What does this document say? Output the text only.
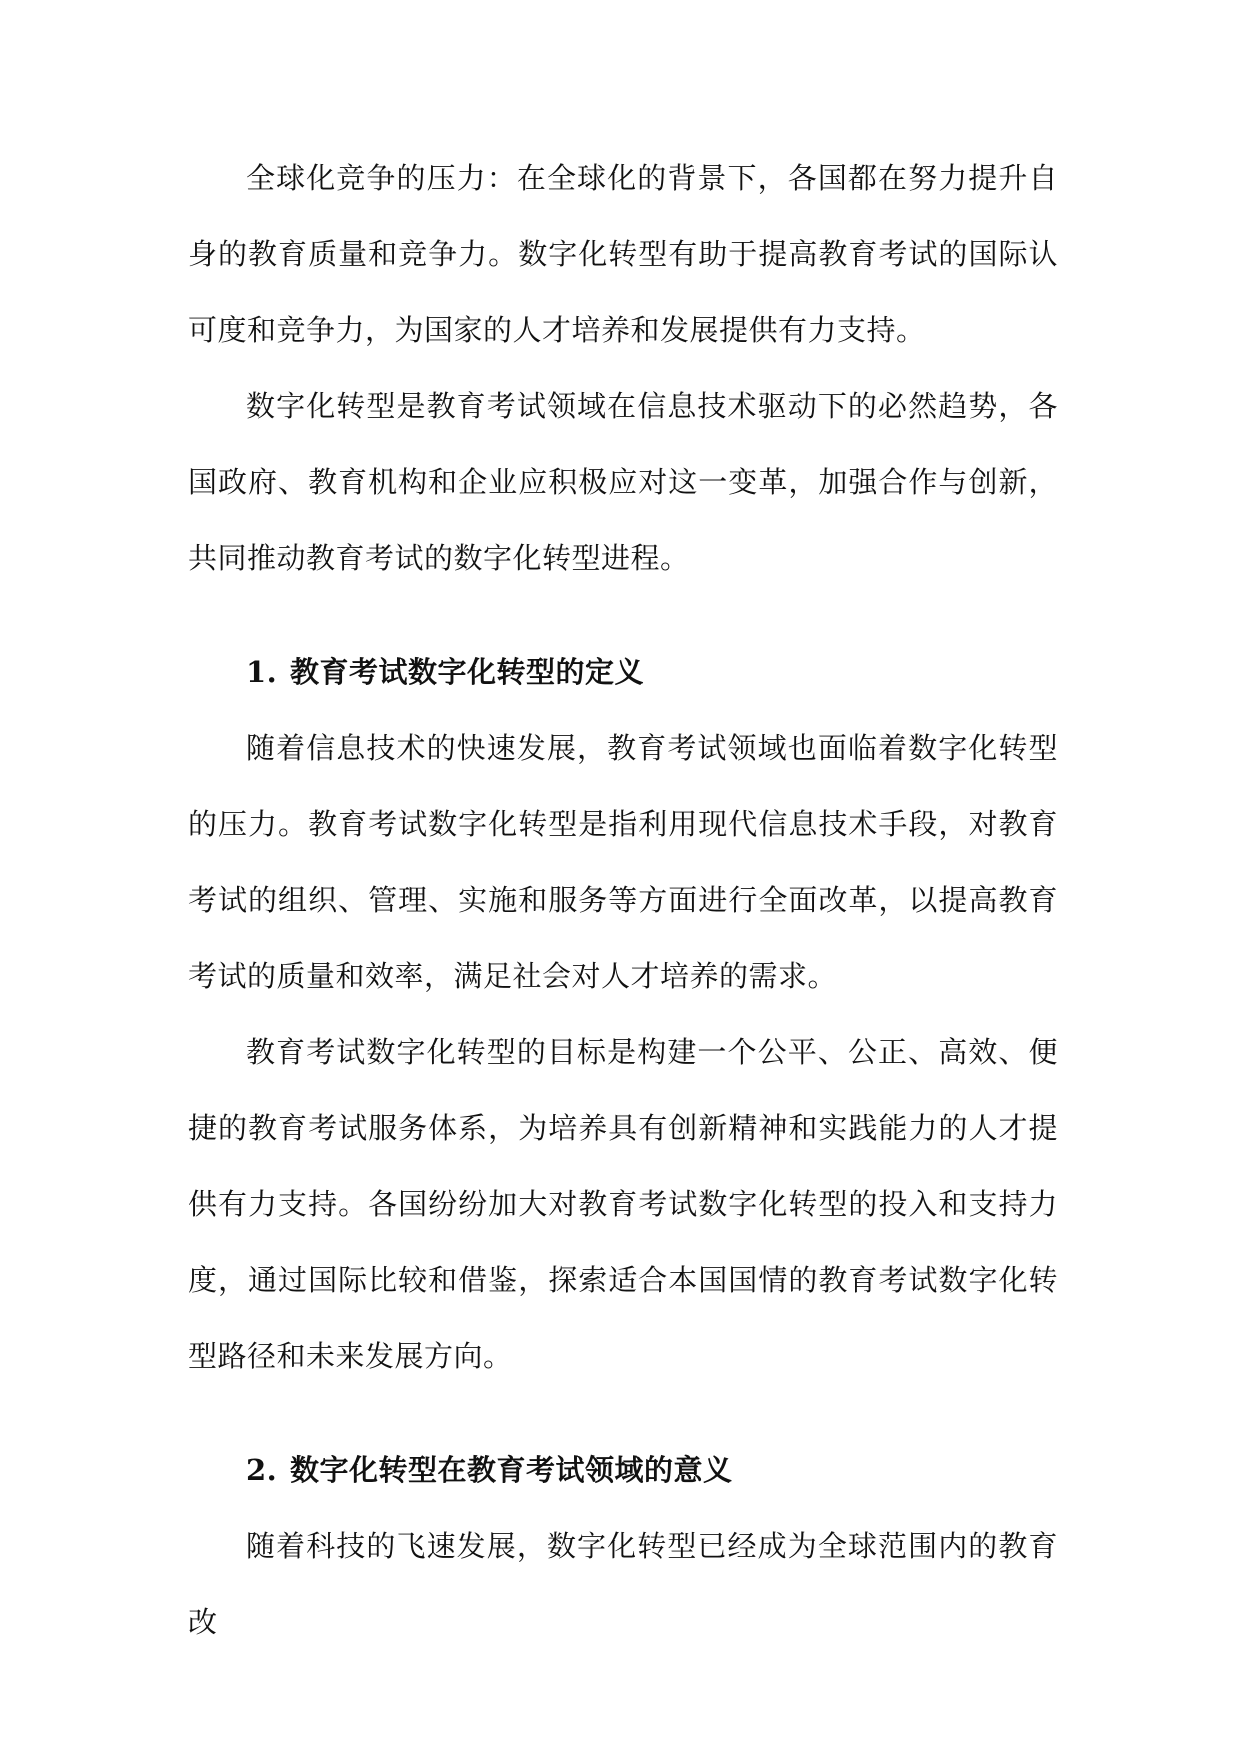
全球化竞争的压力：在全球化的背景下，各国都在努力提升自身的教育质量和竞争力。数字化转型有助于提高教育考试的国际认可度和竞争力，为国家的人才培养和发展提供有力支持。

数字化转型是教育考试领域在信息技术驱动下的必然趋势，各国政府、教育机构和企业应积极应对这一变革，加强合作与创新，共同推动教育考试的数字化转型进程。

1. 教育考试数字化转型的定义

随着信息技术的快速发展，教育考试领域也面临着数字化转型的压力。教育考试数字化转型是指利用现代信息技术手段，对教育考试的组织、管理、实施和服务等方面进行全面改革，以提高教育考试的质量和效率，满足社会对人才培养的需求。

教育考试数字化转型的目标是构建一个公平、公正、高效、便捷的教育考试服务体系，为培养具有创新精神和实践能力的人才提供有力支持。各国纷纷加大对教育考试数字化转型的投入和支持力度，通过国际比较和借鉴，探索适合本国国情的教育考试数字化转型路径和未来发展方向。

2. 数字化转型在教育考试领域的意义

随着科技的飞速发展，数字化转型已经成为全球范围内的教育改
